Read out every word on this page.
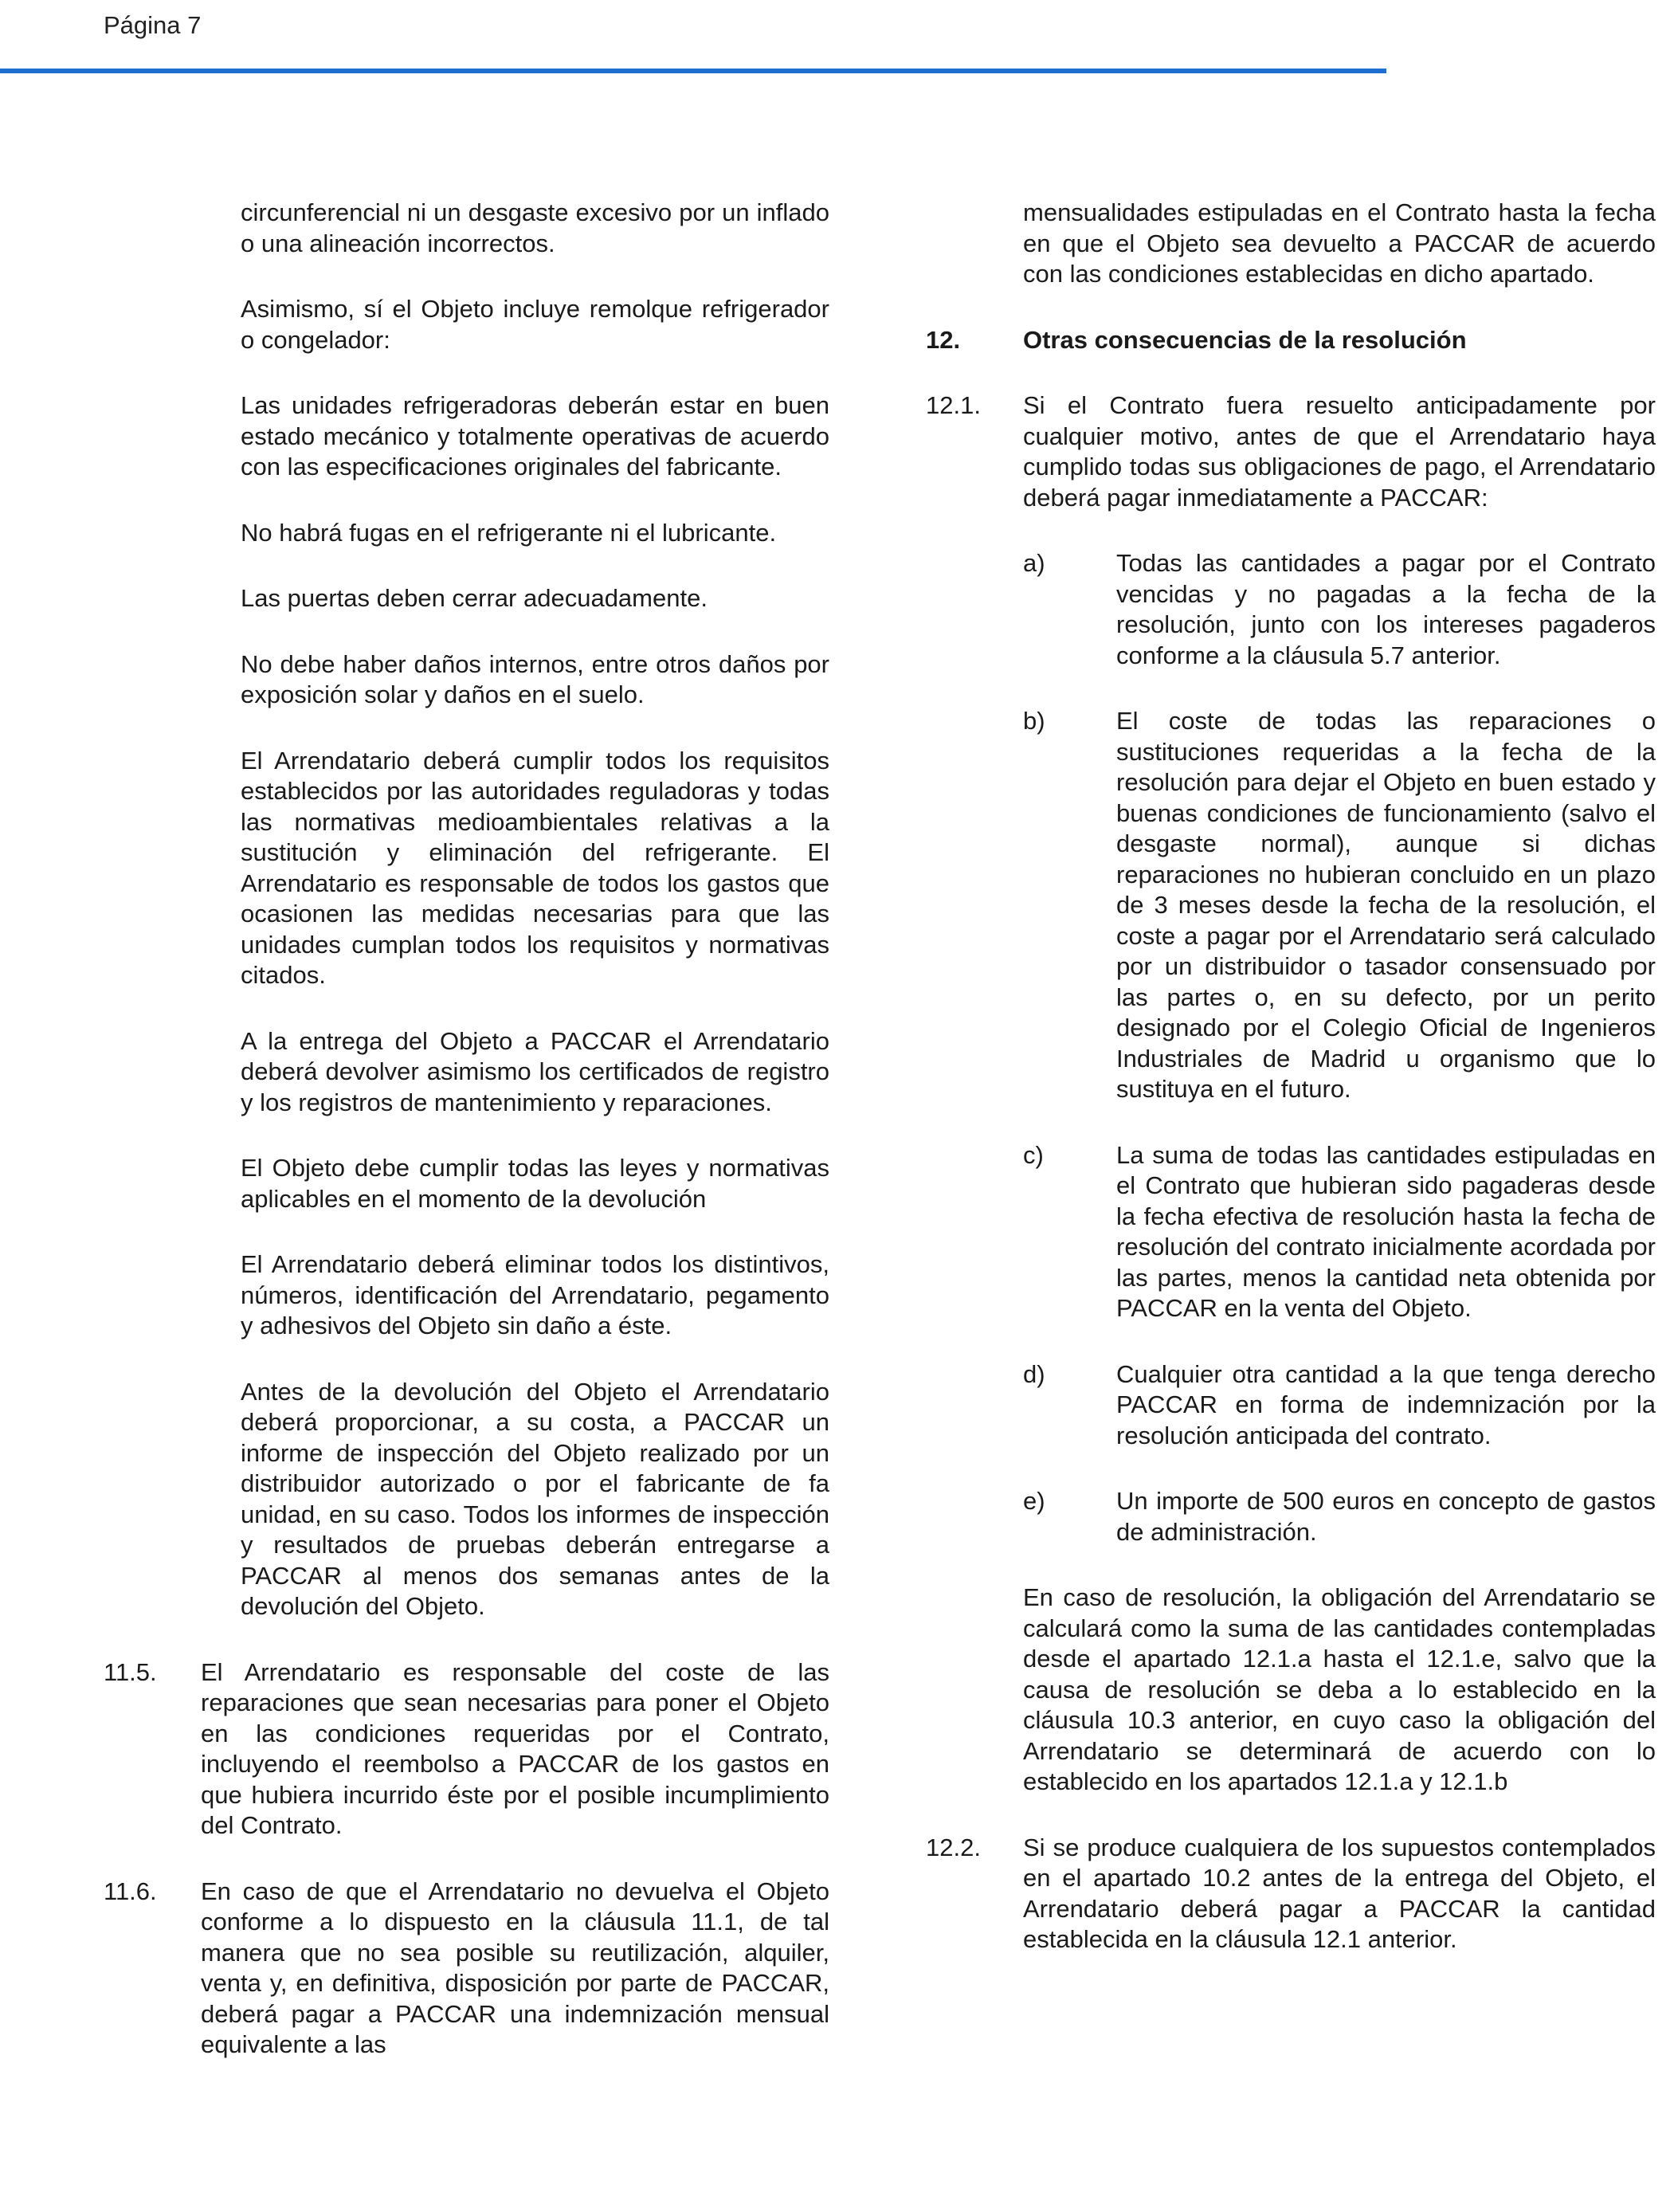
Página 7

circunferencial ni un desgaste excesivo por un inflado o una alineación incorrectos.

Asimismo, sí el Objeto incluye remolque refrigerador o congelador:

Las unidades refrigeradoras deberán estar en buen estado mecánico y totalmente operativas de acuerdo con las especificaciones originales del fabricante.

No habrá fugas en el refrigerante ni el lubricante.

Las puertas deben cerrar adecuadamente.

No debe haber daños internos, entre otros daños por exposición solar y daños en el suelo.

El Arrendatario deberá cumplir todos los requisitos establecidos por las autoridades reguladoras y todas las normativas medioambientales relativas a la sustitución y eliminación del refrigerante. El Arrendatario es responsable de todos los gastos que ocasionen las medidas necesarias para que las unidades cumplan todos los requisitos y normativas citados.

A la entrega del Objeto a PACCAR el Arrendatario deberá devolver asimismo los certificados de registro y los registros de mantenimiento y reparaciones.

El Objeto debe cumplir todas las leyes y normativas aplicables en el momento de la devolución

El Arrendatario deberá eliminar todos los distintivos, números, identificación del Arrendatario, pegamento y adhesivos del Objeto sin daño a éste.

Antes de la devolución del Objeto el Arrendatario deberá proporcionar, a su costa, a PACCAR un informe de inspección del Objeto realizado por un distribuidor autorizado o por el fabricante de fa unidad, en su caso. Todos los informes de inspección y resultados de pruebas deberán entregarse a PACCAR al menos dos semanas antes de la devolución del Objeto.

11.5.	El Arrendatario es responsable del coste de las reparaciones que sean necesarias para poner el Objeto en las condiciones requeridas por el Contrato, incluyendo el reembolso a PACCAR de los gastos en que hubiera incurrido éste por el posible incumplimiento del Contrato.
11.6.	En caso de que el Arrendatario no devuelva el Objeto conforme a lo dispuesto en la cláusula 11.1, de tal manera que no sea posible su reutilización, alquiler, venta y, en definitiva, disposición por parte de PACCAR, deberá pagar a PACCAR una indemnización mensual equivalente a las

mensualidades estipuladas en el Contrato hasta la fecha en que el Objeto sea devuelto a PACCAR de acuerdo con las condiciones establecidas en dicho apartado.

12.	Otras consecuencias de la resolución
12.1.	Si el Contrato fuera resuelto anticipadamente por cualquier motivo, antes de que el Arrendatario haya cumplido todas sus obligaciones de pago, el Arrendatario deberá pagar inmediatamente a PACCAR:
a)	Todas las cantidades a pagar por el Contrato vencidas y no pagadas a la fecha de la resolución, junto con los intereses pagaderos conforme a la cláusula 5.7 anterior.
b)	El coste de todas las reparaciones o sustituciones requeridas a la fecha de la resolución para dejar el Objeto en buen estado y buenas condiciones de funcionamiento (salvo el desgaste normal), aunque si dichas reparaciones no hubieran concluido en un plazo de 3 meses desde la fecha de la resolución, el coste a pagar por el Arrendatario será calculado por un distribuidor o tasador consensuado por las partes o, en su defecto, por un perito designado por el Colegio Oficial de Ingenieros Industriales de Madrid u organismo que lo sustituya en el futuro.
c)	La suma de todas las cantidades estipuladas en el Contrato que hubieran sido pagaderas desde la fecha efectiva de resolución hasta la fecha de resolución del contrato inicialmente acordada por las partes, menos la cantidad neta obtenida por PACCAR en la venta del Objeto.
d)	Cualquier otra cantidad a la que tenga derecho PACCAR en forma de indemnización por la resolución anticipada del contrato.
e)	Un importe de 500 euros en concepto de gastos de administración.

En caso de resolución, la obligación del Arrendatario se calculará como la suma de las cantidades contempladas desde el apartado 12.1.a hasta el 12.1.e, salvo que la causa de resolución se deba a lo establecido en la cláusula 10.3 anterior, en cuyo caso la obligación del Arrendatario se determinará de acuerdo con lo establecido en los apartados 12.1.a y 12.1.b

12.2.	Si se produce cualquiera de los supuestos contemplados en el apartado 10.2 antes de la entrega del Objeto, el Arrendatario deberá pagar a PACCAR la cantidad establecida en la cláusula 12.1 anterior.
